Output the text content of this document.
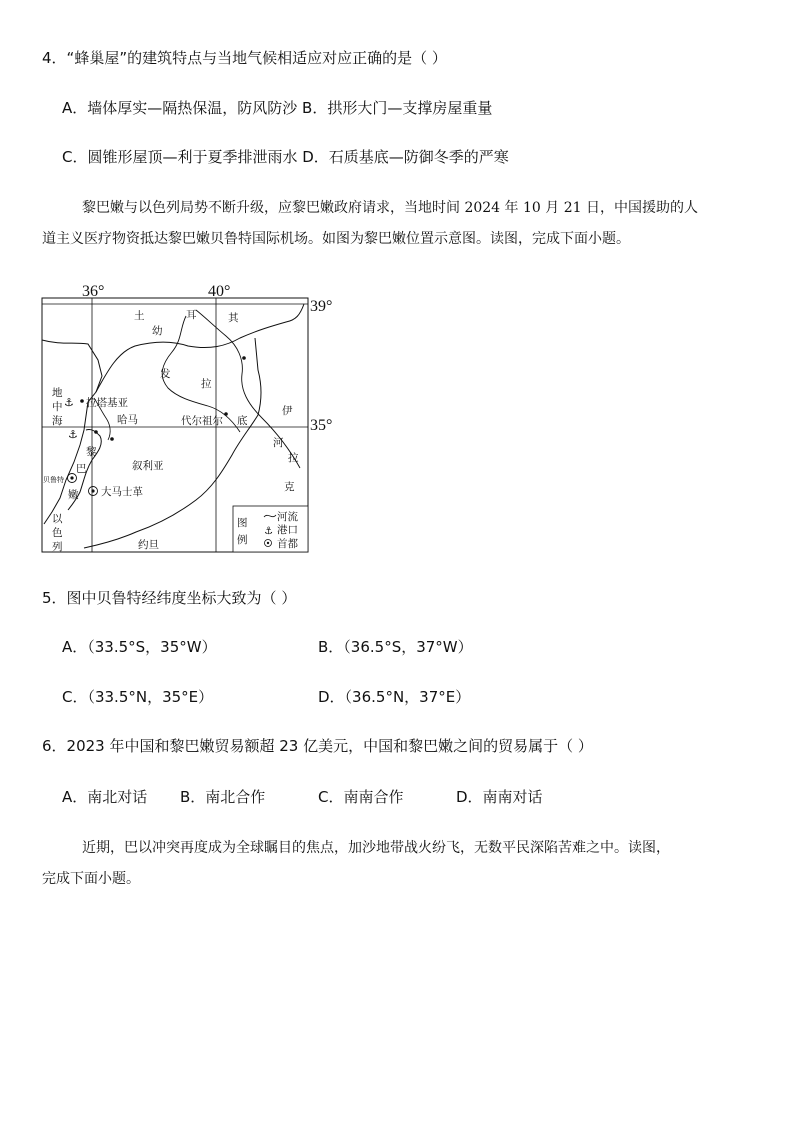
4．“蜂巢屋”的建筑特点与当地气候相适应对应正确的是（ ）
A．墙体厚实—隔热保温，防风防沙 B．拱形大门—支撑房屋重量
C．圆锥形屋顶—利于夏季排泄雨水 D．石质基底—防御冬季的严寒
黎巴嫩与以色列局势不断升级，应黎巴嫩政府请求，当地时间 2024 年 10 月 21 日，中国援助的人
道主义医疗物资抵达黎巴嫩贝鲁特国际机场。如图为黎巴嫩位置示意图。读图，完成下面小题。
36°	40°
39°
35°
⚓
⚓
土	耳	其
幼
发
拉
底
地
中
海
黎
巴
嫩
以
色
列
伊
拉
克
河
拉塔基亚
哈马	代尔祖尔
叙利亚
大马士革
贝鲁特
约旦
图
例
河流
⚓ 港口
首都
5．图中贝鲁特经纬度坐标大致为（ ）
A．（33.5°S，35°W）	B．（36.5°S，37°W）
C．（33.5°N，35°E）	D．（36.5°N，37°E）
6．2023 年中国和黎巴嫩贸易额超 23 亿美元，中国和黎巴嫩之间的贸易属于（ ）
A．南北对话 B．南北合作	C．南南合作	D．南南对话
近期，巴以冲突再度成为全球瞩目的焦点，加沙地带战火纷飞，无数平民深陷苦难之中。读图，
完成下面小题。
